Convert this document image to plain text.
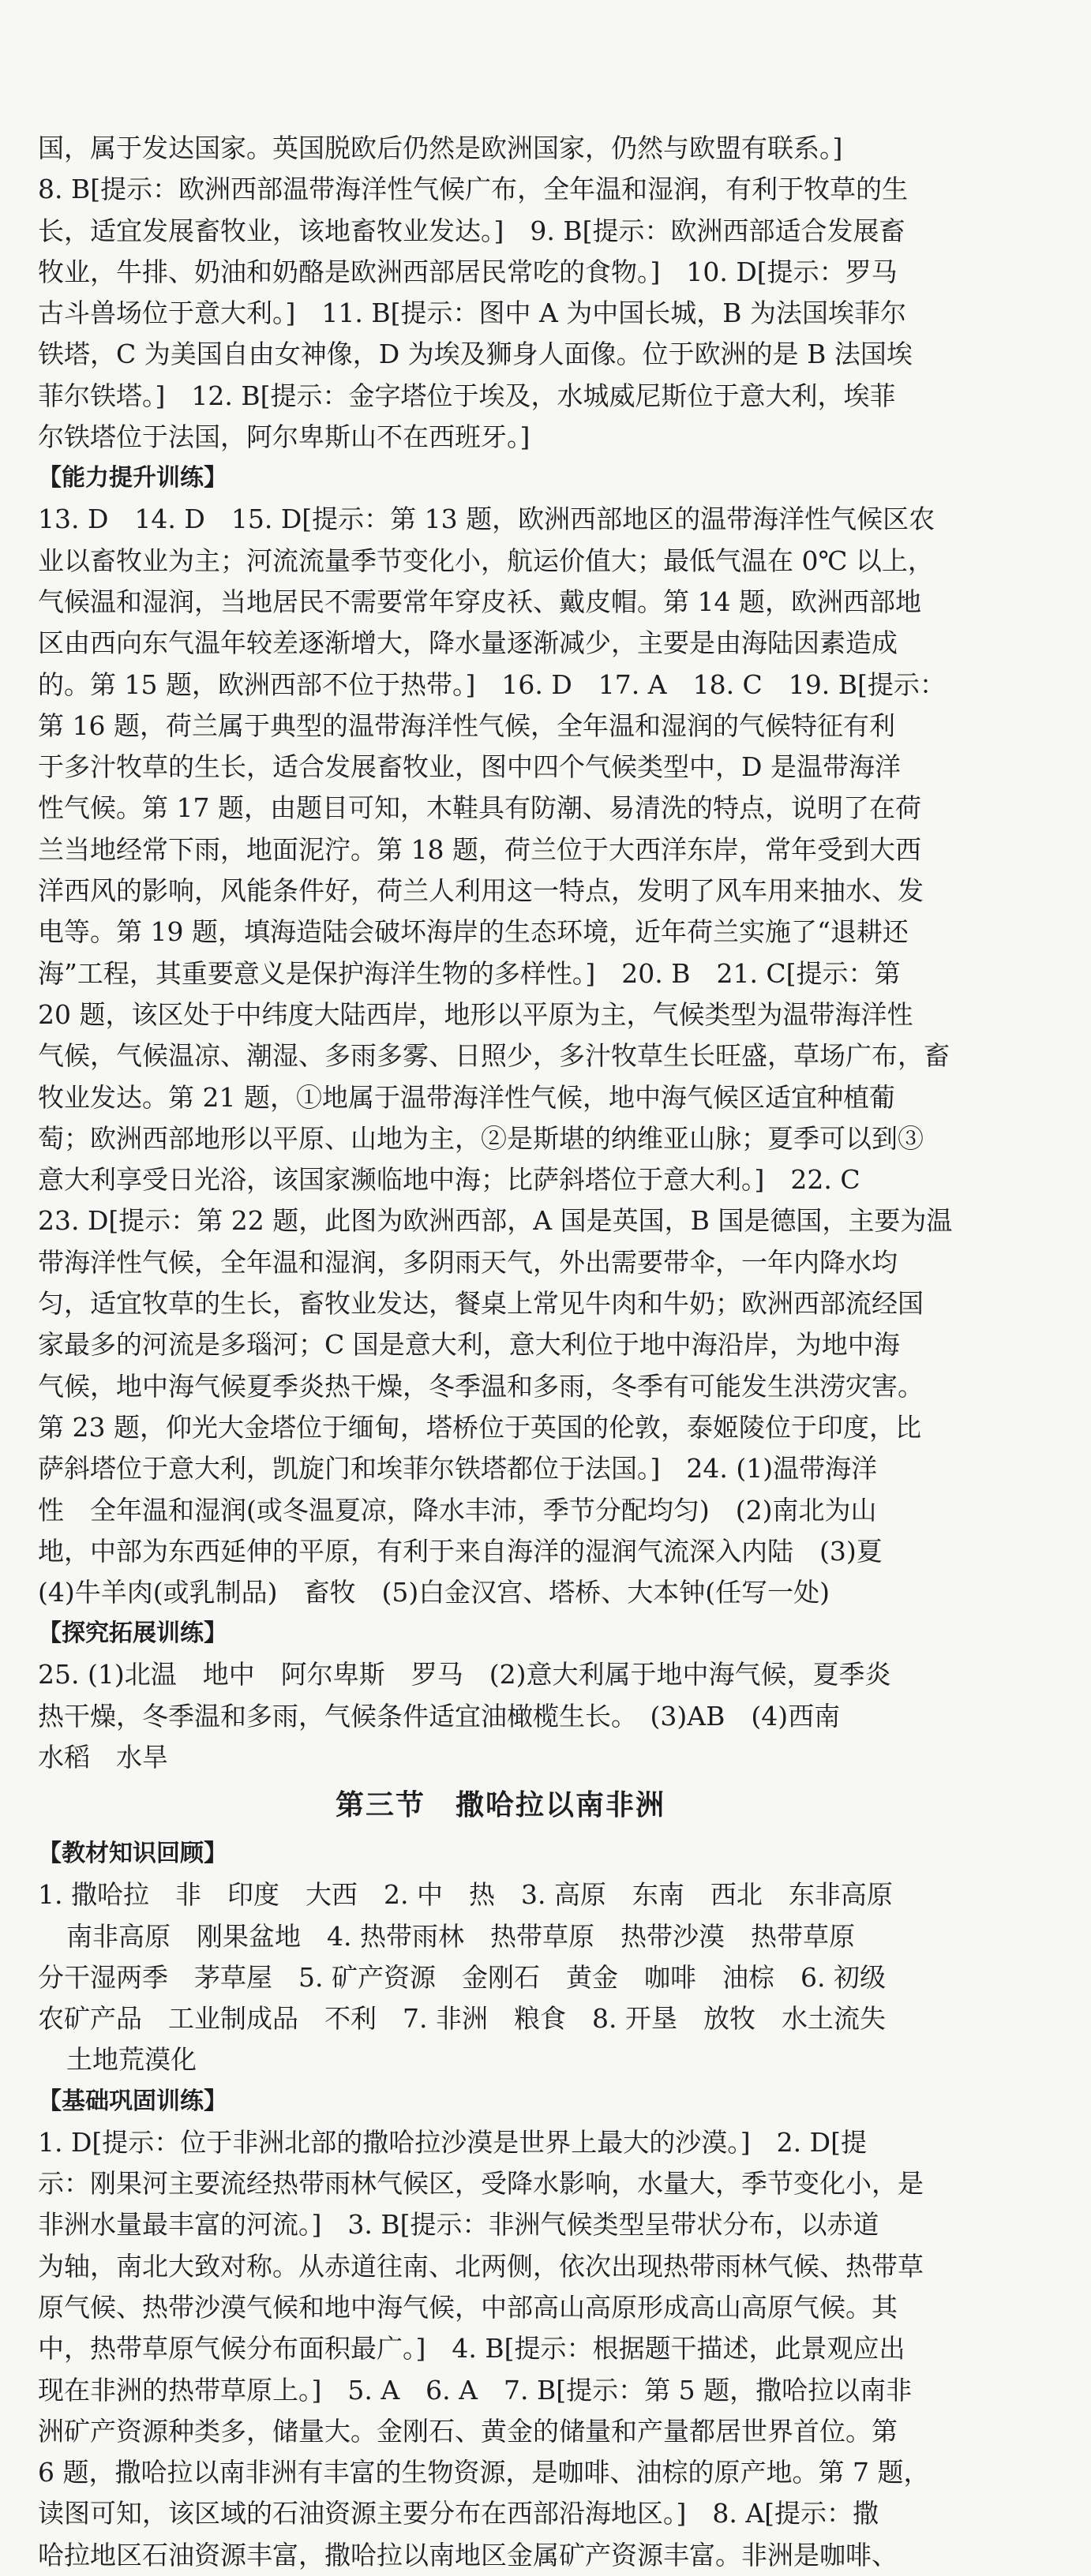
国，属于发达国家。英国脱欧后仍然是欧洲国家，仍然与欧盟有联系。]
8. B[提示：欧洲西部温带海洋性气候广布，全年温和湿润，有利于牧草的生
长，适宜发展畜牧业，该地畜牧业发达。]　9. B[提示：欧洲西部适合发展畜
牧业，牛排、奶油和奶酪是欧洲西部居民常吃的食物。]　10. D[提示：罗马
古斗兽场位于意大利。]　11. B[提示：图中 A 为中国长城，B 为法国埃菲尔
铁塔，C 为美国自由女神像，D 为埃及狮身人面像。位于欧洲的是 B 法国埃
菲尔铁塔。]　12. B[提示：金字塔位于埃及，水城威尼斯位于意大利，埃菲
尔铁塔位于法国，阿尔卑斯山不在西班牙。]
【能力提升训练】
13. D　14. D　15. D[提示：第 13 题，欧洲西部地区的温带海洋性气候区农
业以畜牧业为主；河流流量季节变化小，航运价值大；最低气温在 0℃ 以上，
气候温和湿润，当地居民不需要常年穿皮袄、戴皮帽。第 14 题，欧洲西部地
区由西向东气温年较差逐渐增大，降水量逐渐减少，主要是由海陆因素造成
的。第 15 题，欧洲西部不位于热带。]　16. D　17. A　18. C　19. B[提示：
第 16 题，荷兰属于典型的温带海洋性气候，全年温和湿润的气候特征有利
于多汁牧草的生长，适合发展畜牧业，图中四个气候类型中，D 是温带海洋
性气候。第 17 题，由题目可知，木鞋具有防潮、易清洗的特点，说明了在荷
兰当地经常下雨，地面泥泞。第 18 题，荷兰位于大西洋东岸，常年受到大西
洋西风的影响，风能条件好，荷兰人利用这一特点，发明了风车用来抽水、发
电等。第 19 题，填海造陆会破坏海岸的生态环境，近年荷兰实施了“退耕还
海”工程，其重要意义是保护海洋生物的多样性。]　20. B　21. C[提示：第
20 题，该区处于中纬度大陆西岸，地形以平原为主，气候类型为温带海洋性
气候，气候温凉、潮湿、多雨多雾、日照少，多汁牧草生长旺盛，草场广布，畜
牧业发达。第 21 题，①地属于温带海洋性气候，地中海气候区适宜种植葡
萄；欧洲西部地形以平原、山地为主，②是斯堪的纳维亚山脉；夏季可以到③
意大利享受日光浴，该国家濒临地中海；比萨斜塔位于意大利。]　22. C
23. D[提示：第 22 题，此图为欧洲西部，A 国是英国，B 国是德国，主要为温
带海洋性气候，全年温和湿润，多阴雨天气，外出需要带伞，一年内降水均
匀，适宜牧草的生长，畜牧业发达，餐桌上常见牛肉和牛奶；欧洲西部流经国
家最多的河流是多瑙河；C 国是意大利，意大利位于地中海沿岸，为地中海
气候，地中海气候夏季炎热干燥，冬季温和多雨，冬季有可能发生洪涝灾害。
第 23 题，仰光大金塔位于缅甸，塔桥位于英国的伦敦，泰姬陵位于印度，比
萨斜塔位于意大利，凯旋门和埃菲尔铁塔都位于法国。]　24. (1)温带海洋
性　全年温和湿润(或冬温夏凉，降水丰沛，季节分配均匀)　(2)南北为山
地，中部为东西延伸的平原，有利于来自海洋的湿润气流深入内陆　(3)夏
(4)牛羊肉(或乳制品)　畜牧　(5)白金汉宫、塔桥、大本钟(任写一处)
【探究拓展训练】
25. (1)北温　地中　阿尔卑斯　罗马　(2)意大利属于地中海气候，夏季炎
热干燥，冬季温和多雨，气候条件适宜油橄榄生长。　(3)AB　(4)西南
水稻　水旱
第三节　撒哈拉以南非洲
【教材知识回顾】
1. 撒哈拉　非　印度　大西　2. 中　热　3. 高原　东南　西北　东非高原
南非高原　刚果盆地　4. 热带雨林　热带草原　热带沙漠　热带草原
分干湿两季　茅草屋　5. 矿产资源　金刚石　黄金　咖啡　油棕　6. 初级
农矿产品　工业制成品　不利　7. 非洲　粮食　8. 开垦　放牧　水土流失
土地荒漠化
【基础巩固训练】
1. D[提示：位于非洲北部的撒哈拉沙漠是世界上最大的沙漠。]　2. D[提
示：刚果河主要流经热带雨林气候区，受降水影响，水量大，季节变化小，是
非洲水量最丰富的河流。]　3. B[提示：非洲气候类型呈带状分布，以赤道
为轴，南北大致对称。从赤道往南、北两侧，依次出现热带雨林气候、热带草
原气候、热带沙漠气候和地中海气候，中部高山高原形成高山高原气候。其
中，热带草原气候分布面积最广。]　4. B[提示：根据题干描述，此景观应出
现在非洲的热带草原上。]　5. A　6. A　7. B[提示：第 5 题，撒哈拉以南非
洲矿产资源种类多，储量大。金刚石、黄金的储量和产量都居世界首位。第
6 题，撒哈拉以南非洲有丰富的生物资源，是咖啡、油棕的原产地。第 7 题，
读图可知，该区域的石油资源主要分布在西部沿海地区。]　8. A[提示：撒
哈拉地区石油资源丰富，撒哈拉以南地区金属矿产资源丰富。非洲是咖啡、
